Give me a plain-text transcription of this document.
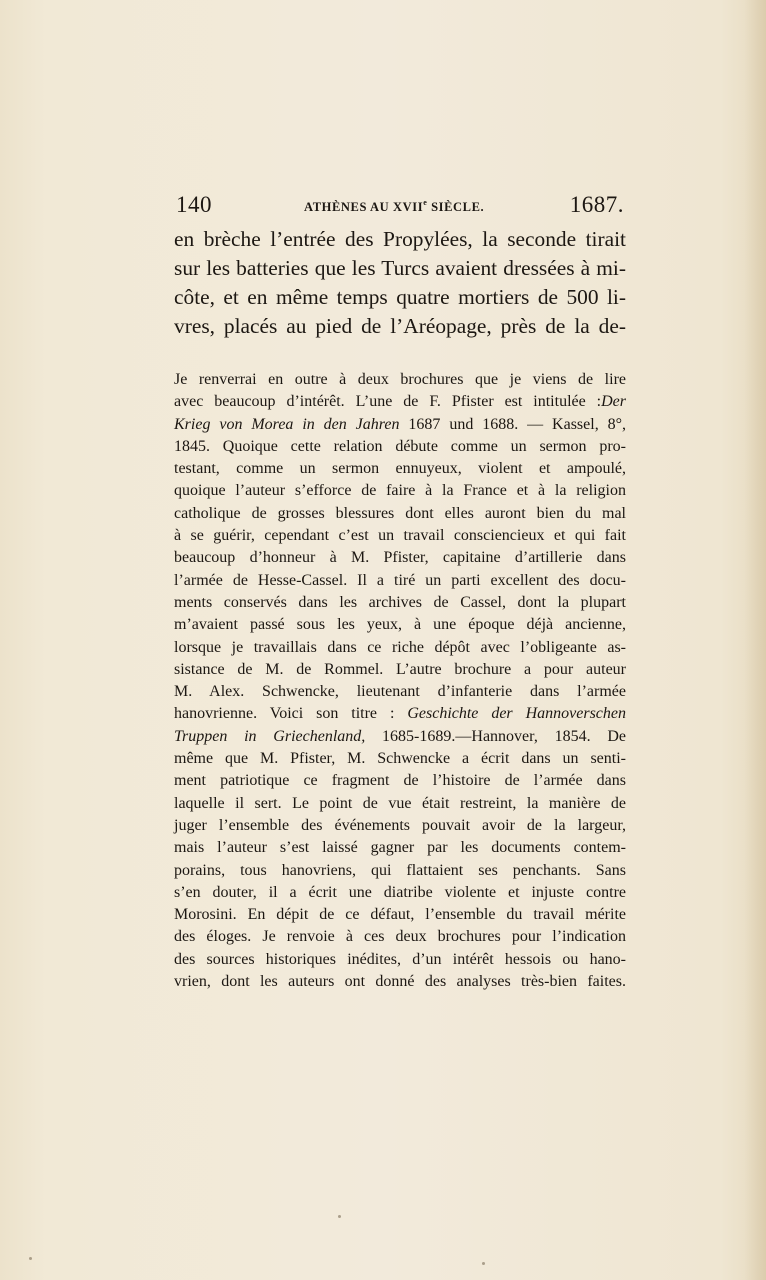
140	ATHÈNES AU XVIIe SIÈCLE.	1687.
en brèche l’entrée des Propylées, la seconde tirait
sur les batteries que les Turcs avaient dressées à mi-
côte, et en même temps quatre mortiers de 500 li-
vres, placés au pied de l’Aréopage, près de la de-
Je renverrai en outre à deux brochures que je viens de lire
avec beaucoup d’intérêt. L’une de F. Pfister est intitulée :Der
Krieg von Morea in den Jahren 1687 und 1688. — Kassel, 8°,
1845. Quoique cette relation débute comme un sermon pro-
testant, comme un sermon ennuyeux, violent et ampoulé,
quoique l’auteur s’efforce de faire à la France et à la religion
catholique de grosses blessures dont elles auront bien du mal
à se guérir, cependant c’est un travail consciencieux et qui fait
beaucoup d’honneur à M. Pfister, capitaine d’artillerie dans
l’armée de Hesse-Cassel. Il a tiré un parti excellent des docu-
ments conservés dans les archives de Cassel, dont la plupart
m’avaient passé sous les yeux, à une époque déjà ancienne,
lorsque je travaillais dans ce riche dépôt avec l’obligeante as-
sistance de M. de Rommel. L’autre brochure a pour auteur
M. Alex. Schwencke, lieutenant d’infanterie dans l’armée
hanovrienne. Voici son titre : Geschichte der Hannoverschen
Truppen in Griechenland, 1685-1689.—Hannover, 1854. De
même que M. Pfister, M. Schwencke a écrit dans un senti-
ment patriotique ce fragment de l’histoire de l’armée dans
laquelle il sert. Le point de vue était restreint, la manière de
juger l’ensemble des événements pouvait avoir de la largeur,
mais l’auteur s’est laissé gagner par les documents contem-
porains, tous hanovriens, qui flattaient ses penchants. Sans
s’en douter, il a écrit une diatribe violente et injuste contre
Morosini. En dépit de ce défaut, l’ensemble du travail mérite
des éloges. Je renvoie à ces deux brochures pour l’indication
des sources historiques inédites, d’un intérêt hessois ou hano-
vrien, dont les auteurs ont donné des analyses très-bien faites.
